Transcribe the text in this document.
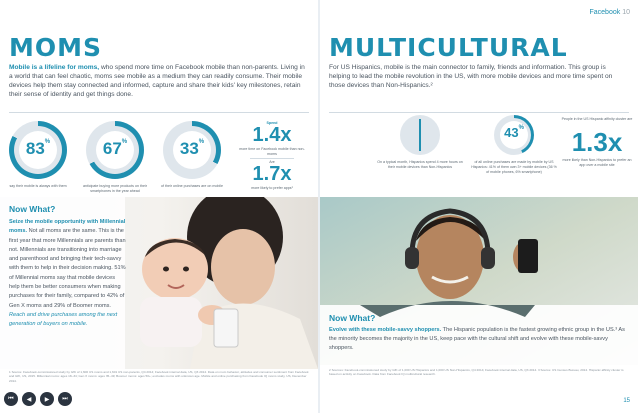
MOMS
Mobile is a lifeline for moms, who spend more time on Facebook mobile than non-parents. Living in a world that can feel chaotic, moms see mobile as a medium they can readily consume. Their mobile devices help them stay connected and informed, capture and share their kids' key milestones, retain their sense of identity and get things done.
83%
say their mobile is always with them
67%
anticipate buying more products on their smartphones in the year ahead
33%
of their online purchases are on mobile
Spend
1.4x
more time on Facebook mobile than non-moms
Are
1.7x
more likely to prefer apps¹
Now What?
Seize the mobile opportunity with Millennial moms. Not all moms are the same. This is the first year that more Millennials are parents than not. Millennials are transitioning into marriage and parenthood and bringing their tech-savvy with them to help in their decision making. 51% of Millennial moms say that mobile devices help them be better consumers when making purchases for their family, compared to 42% of Gen X moms and 29% of Boomer moms. Reach and drive purchases among the next generation of buyers on mobile.
1 Source: Facebook-commissioned study by GfK of 1,600 US moms and 1,601 US non-parents, Q4 2014; Facebook internal data, US, Q3 2014. Data on mom behavior, attitudes and consumer sentiment from Facebook and GfK, US, 2015. Millennial moms: ages 18–34; Gen X moms: ages 35–49; Boomer moms: ages 50+; excludes moms with unknown age. Mobile and online purchasing from Facebook IQ moms study, US, December 2014.
⏮	◀	▶	⏭
Facebook 10
MULTICULTURAL
For US Hispanics, mobile is the main connector to family, friends and information. This group is helping to lead the mobile revolution in the US, with more mobile devices and more time spent on those devices than Non-Hispanics.²
On a typical month, Hispanics spend 4 more hours on their mobile devices than Non-Hispanics
43%
of all online purchases are made by mobile by US Hispanics: 41% of them own 3+ mobile devices (36 % of mobile phones, 6% smartphone)
People in the US Hispanic affinity cluster are
1.3x
more likely than Non-Hispanics to prefer an app over a mobile site
Now What?
Evolve with these mobile-savvy shoppers. The Hispanic population is the fastest growing ethnic group in the US.³ As the minority becomes the majority in the US, keep pace with the cultural shift and evolve with these mobile-savvy shoppers.
2 Sources: Facebook-commissioned study by GfK of 1,000 US Hispanics and 1,000 US Non-Hispanics, Q4 2014; Facebook internal data, US, Q3 2014. 3 Source: US Census Bureau, 2014. Hispanic affinity cluster is based on activity on Facebook. Data from Facebook IQ multicultural research.
15
